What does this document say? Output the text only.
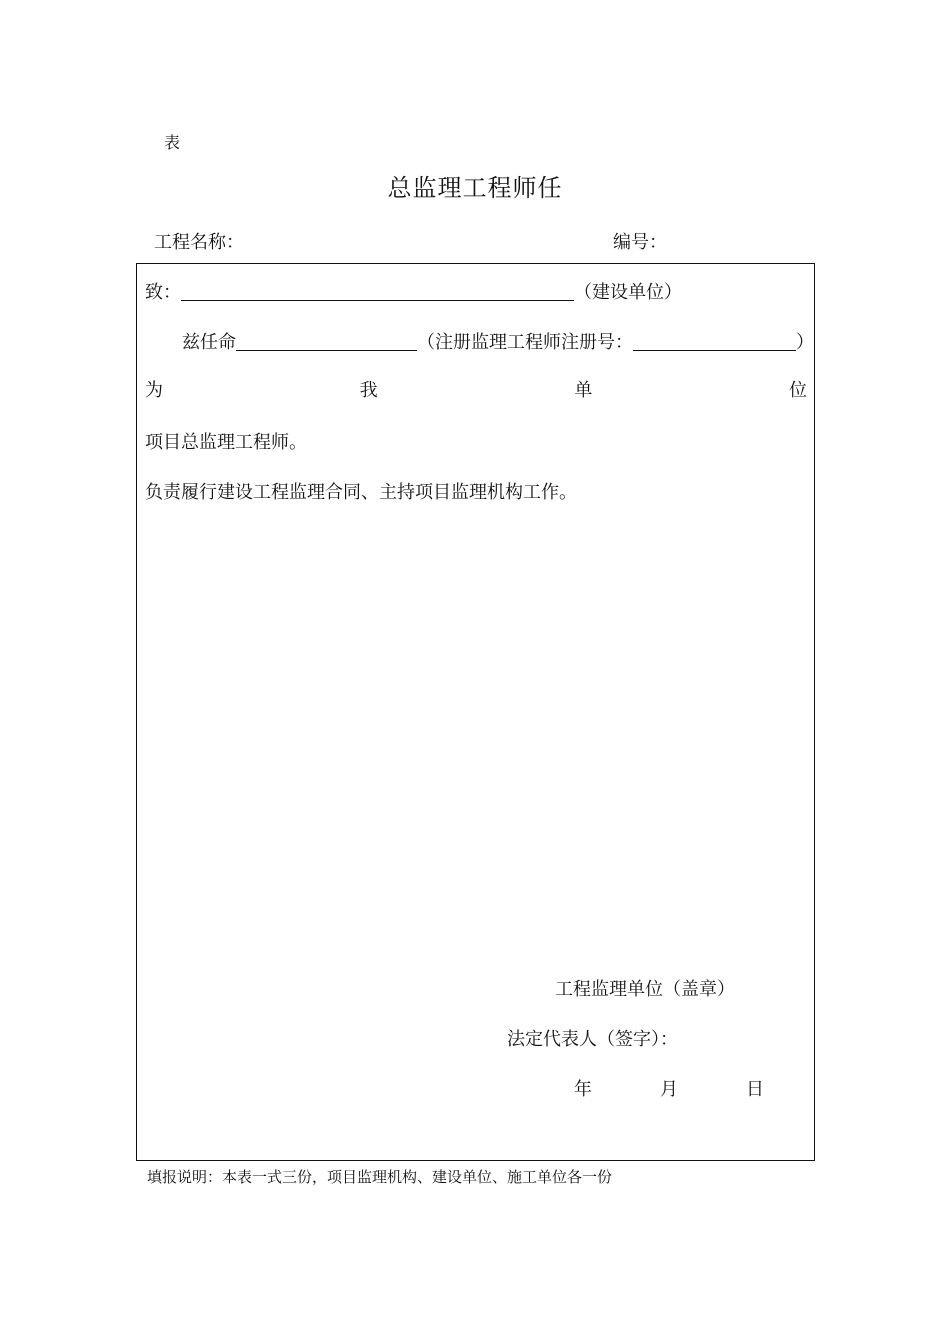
表
总监理工程师任
工程名称：	编号：
致：	（建设单位）
兹任命	（注册监理工程师注册号：	）
为	我	单	位
项目总监理工程师。
负责履行建设工程监理合同、主持项目监理机构工作。
工程监理单位（盖章）
法定代表人（签字）：
年	月	日
填报说明：本表一式三份，项目监理机构、建设单位、施工单位各一份
